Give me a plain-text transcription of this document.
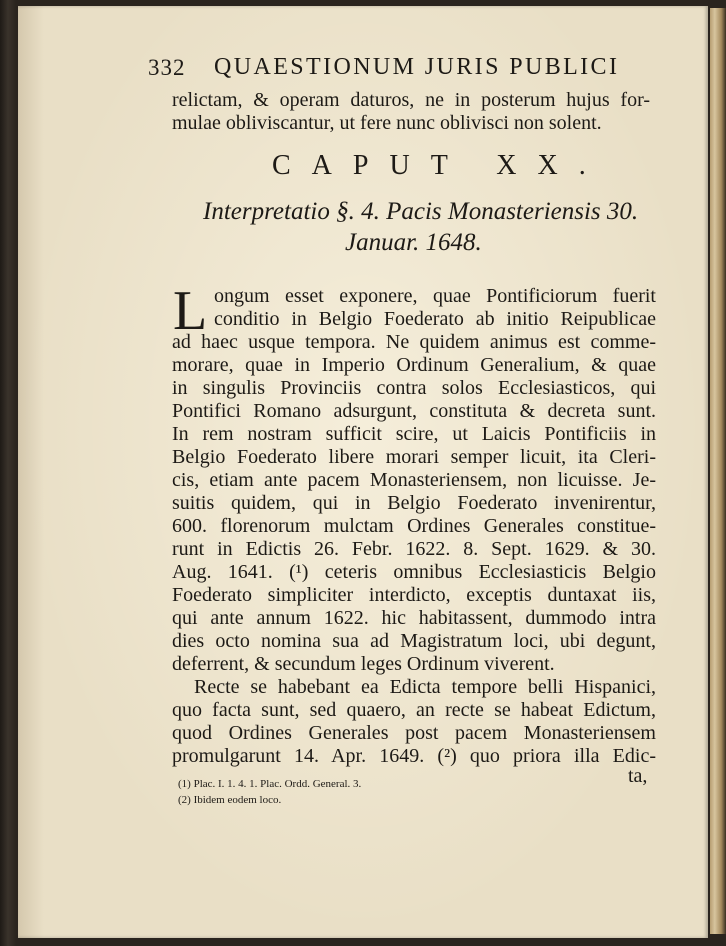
332 QUAESTIONUM JURIS PUBLICI
relictam, & operam daturos, ne in posterum hujus for-
mulae obliviscantur, ut fere nunc oblivisci non solent.
CAPUT XX.
Interpretatio §. 4. Pacis Monasteriensis 30.
Januar. 1648.
L ongum esset exponere, quae Pontificiorum fuerit
conditio in Belgio Foederato ab initio Reipublicae
ad haec usque tempora. Ne quidem animus est comme-
morare, quae in Imperio Ordinum Generalium, & quae
in singulis Provinciis contra solos Ecclesiasticos, qui
Pontifici Romano adsurgunt, constituta & decreta sunt.
In rem nostram sufficit scire, ut Laicis Pontificiis in
Belgio Foederato libere morari semper licuit, ita Cleri-
cis, etiam ante pacem Monasteriensem, non licuisse. Je-
suitis quidem, qui in Belgio Foederato invenirentur,
600. florenorum mulctam Ordines Generales constitue-
runt in Edictis 26. Febr. 1622. 8. Sept. 1629. & 30.
Aug. 1641. (¹) ceteris omnibus Ecclesiasticis Belgio
Foederato simpliciter interdicto, exceptis duntaxat iis,
qui ante annum 1622. hic habitassent, dummodo intra
dies octo nomina sua ad Magistratum loci, ubi degunt,
deferrent, & secundum leges Ordinum viverent.
Recte se habebant ea Edicta tempore belli Hispanici,
quo facta sunt, sed quaero, an recte se habeat Edictum,
quod Ordines Generales post pacem Monasteriensem
promulgarunt 14. Apr. 1649. (²) quo priora illa Edic-
ta,
(1) Plac. I. 1. 4. 1. Plac. Ordd. General. 3.
(2) Ibidem eodem loco.
